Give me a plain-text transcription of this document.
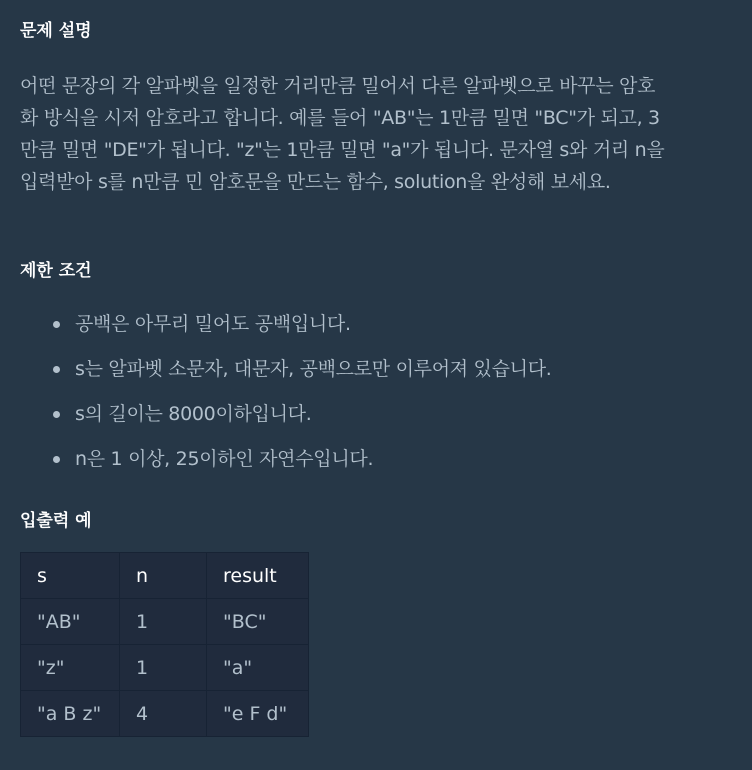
문제 설명

어떤 문장의 각 알파벳을 일정한 거리만큼 밀어서 다른 알파벳으로 바꾸는 암호
화 방식을 시저 암호라고 합니다. 예를 들어 "AB"는 1만큼 밀면 "BC"가 되고, 3
만큼 밀면 "DE"가 됩니다. "z"는 1만큼 밀면 "a"가 됩니다. 문자열 s와 거리 n을
입력받아 s를 n만큼 민 암호문을 만드는 함수, solution을 완성해 보세요.

제한 조건
공백은 아무리 밀어도 공백입니다.
s는 알파벳 소문자, 대문자, 공백으로만 이루어져 있습니다.
s의 길이는 8000이하입니다.
n은 1 이상, 25이하인 자연수입니다.
입출력 예
s	n	result
"AB"	1	"BC"
"z"	1	"a"
"a B z"	4	"e F d"
